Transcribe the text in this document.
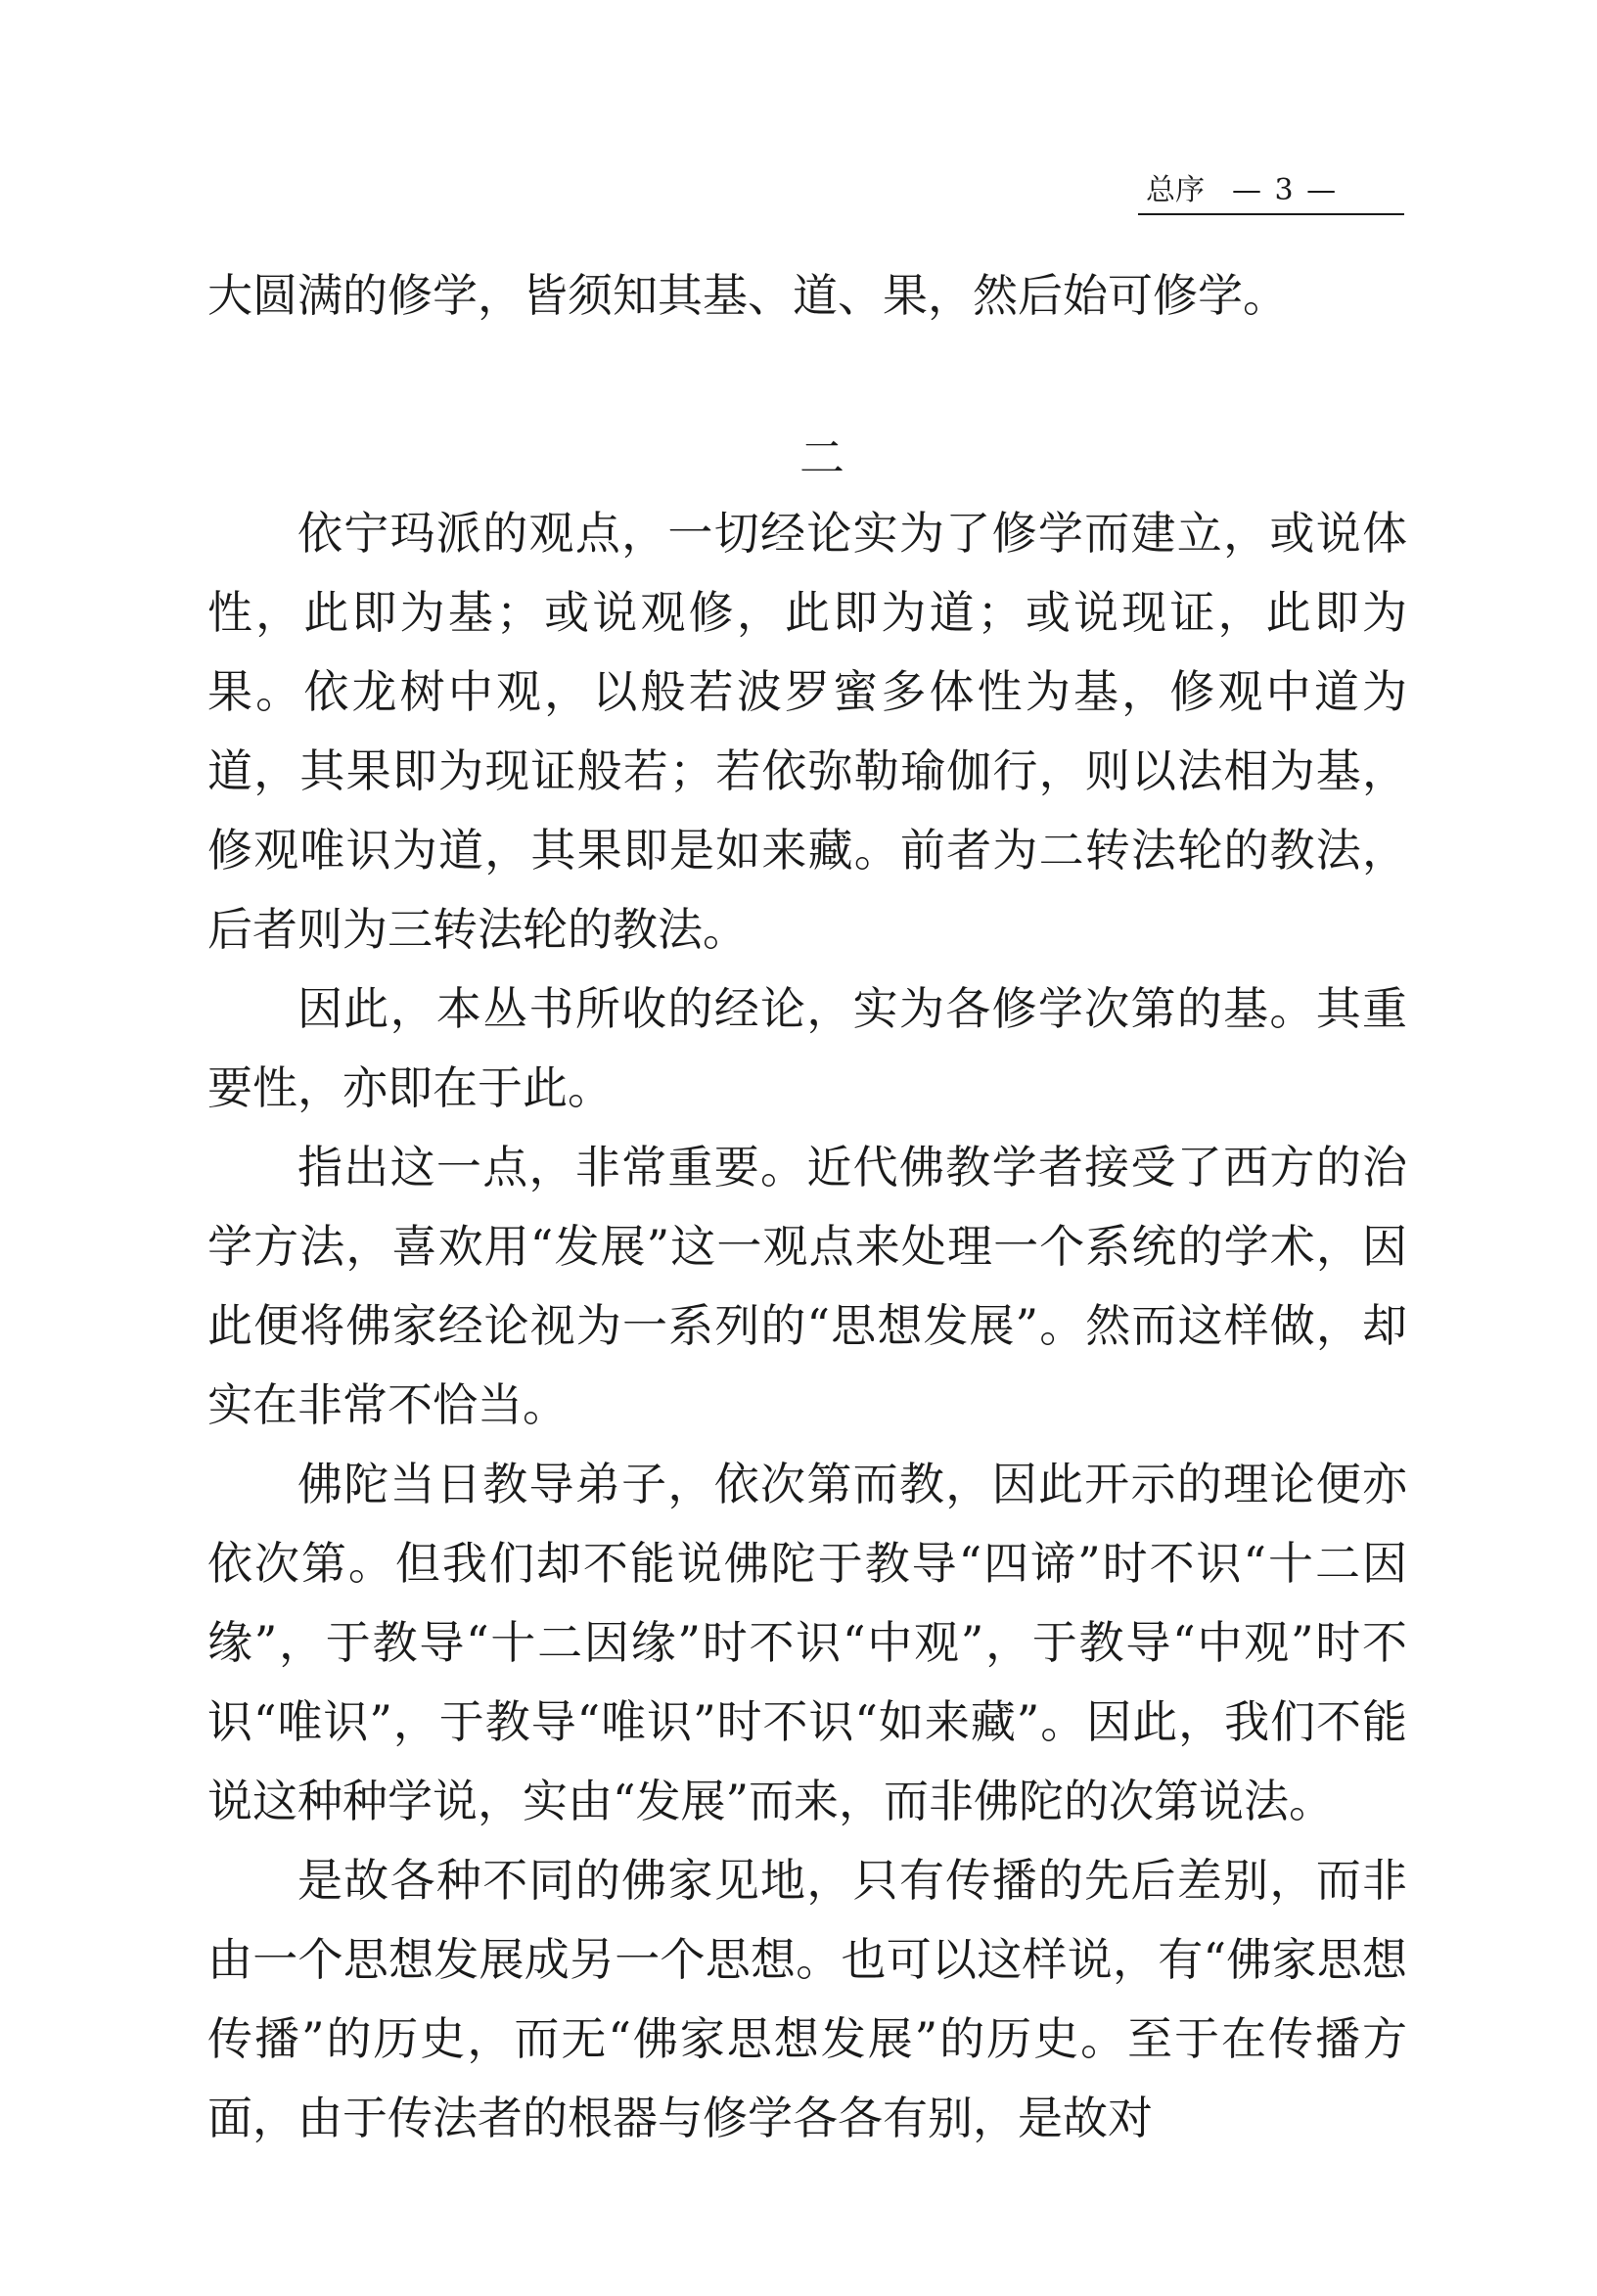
总序 — 3 —
大圆满的修学，皆须知其基、道、果，然后始可修学。
二

依宁玛派的观点，一切经论实为了修学而建立，或说体性，此即为基；或说观修，此即为道；或说现证，此即为果。依龙树中观，以般若波罗蜜多体性为基，修观中道为道，其果即为现证般若；若依弥勒瑜伽行，则以法相为基，修观唯识为道，其果即是如来藏。前者为二转法轮的教法，后者则为三转法轮的教法。

因此，本丛书所收的经论，实为各修学次第的基。其重要性，亦即在于此。

指出这一点，非常重要。近代佛教学者接受了西方的治学方法，喜欢用“发展”这一观点来处理一个系统的学术，因此便将佛家经论视为一系列的“思想发展”。然而这样做，却实在非常不恰当。

佛陀当日教导弟子，依次第而教，因此开示的理论便亦依次第。但我们却不能说佛陀于教导“四谛”时不识“十二因缘”，于教导“十二因缘”时不识“中观”，于教导“中观”时不识“唯识”，于教导“唯识”时不识“如来藏”。因此，我们不能说这种种学说，实由“发展”而来，而非佛陀的次第说法。

是故各种不同的佛家见地，只有传播的先后差别，而非由一个思想发展成另一个思想。也可以这样说，有“佛家思想传播”的历史，而无“佛家思想发展”的历史。至于在传播方面，由于传法者的根器与修学各各有别，是故对
